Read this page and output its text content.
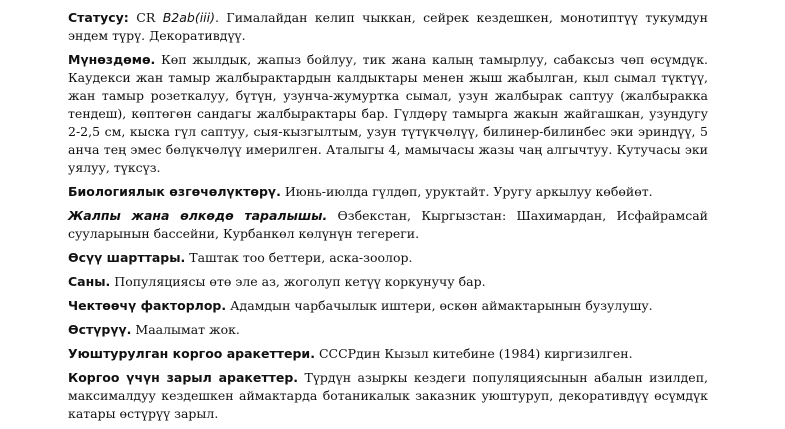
Статусу: CR B2ab(iii). Гималайдан келип чыккан, сейрек кездешкен, монотиптүү тукумдун эндем түрү. Декоративдүү.

Мүнөздөмө. Көп жылдык, жапыз бойлуу, тик жана калың тамырлуу, сабаксыз чөп өсүмдүк. Каудекси жан тамыр жалбырактардын калдыктары менен жыш жабылган, кыл сымал түктүү, жан тамыр розеткалуу, бүтүн, узунча-жумуртка сымал, узун жалбырак саптуу (жалбыракка тендеш), көптөгөн сандагы жалбырактары бар. Гүлдөрү тамырга жакын жайгашкан, узундугу 2-2,5 см, кыска гүл саптуу, сыя-кызгылтым, узун түтүкчөлүү, билинер-билинбес эки эриндүү, 5 анча тең эмес бөлүкчөлүү имерилген. Аталыгы 4, мамычасы жазы чаң алгычтуу. Кутучасы эки уялуу, түксүз.

Биологиялык өзгөчөлүктөрү. Июнь-июлда гүлдөп, уруктайт. Уругу аркылуу көбөйөт.

Жалпы жана өлкөдө таралышы. Өзбекстан, Кыргызстан: Шахимардан, Исфайрамсай сууларынын бассейни, Курбанкөл көлүнүн тегереги.

Өсүү шарттары. Таштак тоо беттери, аска-зоолор.

Саны. Популяциясы өтө эле аз, жоголуп кетүү коркунучу бар.

Чектөөчү факторлор. Адамдын чарбачылык иштери, өскөн аймактарынын бузулушу.

Өстүрүү. Маалымат жок.

Уюштурулган коргоо аракеттери. СССРдин Кызыл китебине (1984) киргизилген.

Коргоо үчүн зарыл аракеттер. Түрдүн азыркы кездеги популяциясынын абалын изилдеп, максималдуу кездешкен аймактарда ботаникалык заказник уюштуруп, декоративдүү өсүмдүк катары өстүрүү зарыл.
